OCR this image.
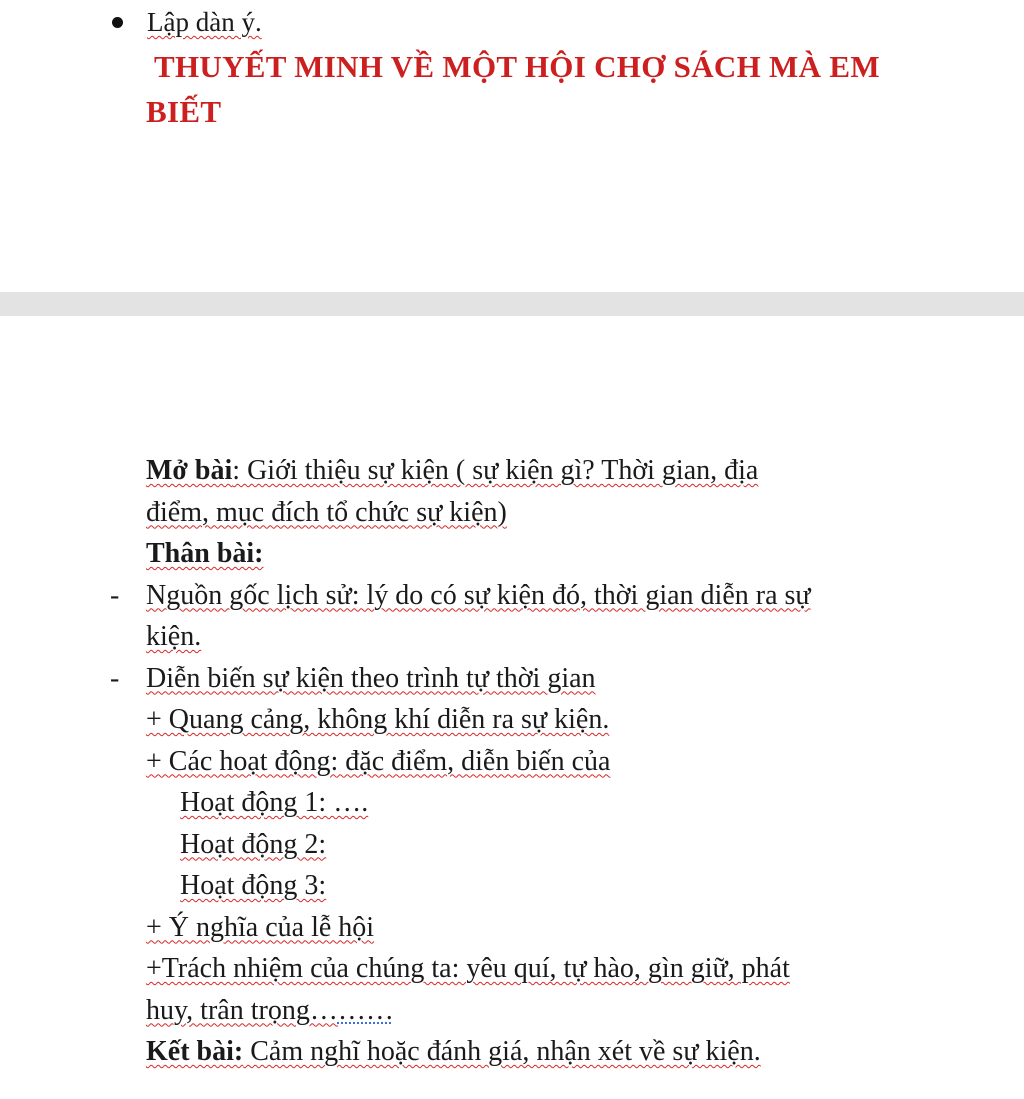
Lập dàn ý.
THUYẾT MINH VỀ MỘT HỘI CHỢ SÁCH MÀ EM
BIẾT
Mở bài: Giới thiệu sự kiện ( sự kiện gì? Thời gian, địa
điểm, mục đích tổ chức sự kiện)
Thân bài:
- Nguồn gốc lịch sử: lý do có sự kiện đó, thời gian diễn ra sự
kiện.
- Diễn biến sự kiện theo trình tự thời gian
+ Quang cảng, không khí diễn ra sự kiện.
+ Các hoạt động: đặc điểm, diễn biến của
Hoạt động 1: ….
Hoạt động 2:
Hoạt động 3:
+ Ý nghĩa của lễ hội
+Trách nhiệm của chúng ta: yêu quí, tự hào, gìn giữ, phát
huy, trân trọng………
Kết bài: Cảm nghĩ hoặc đánh giá, nhận xét về sự kiện.
